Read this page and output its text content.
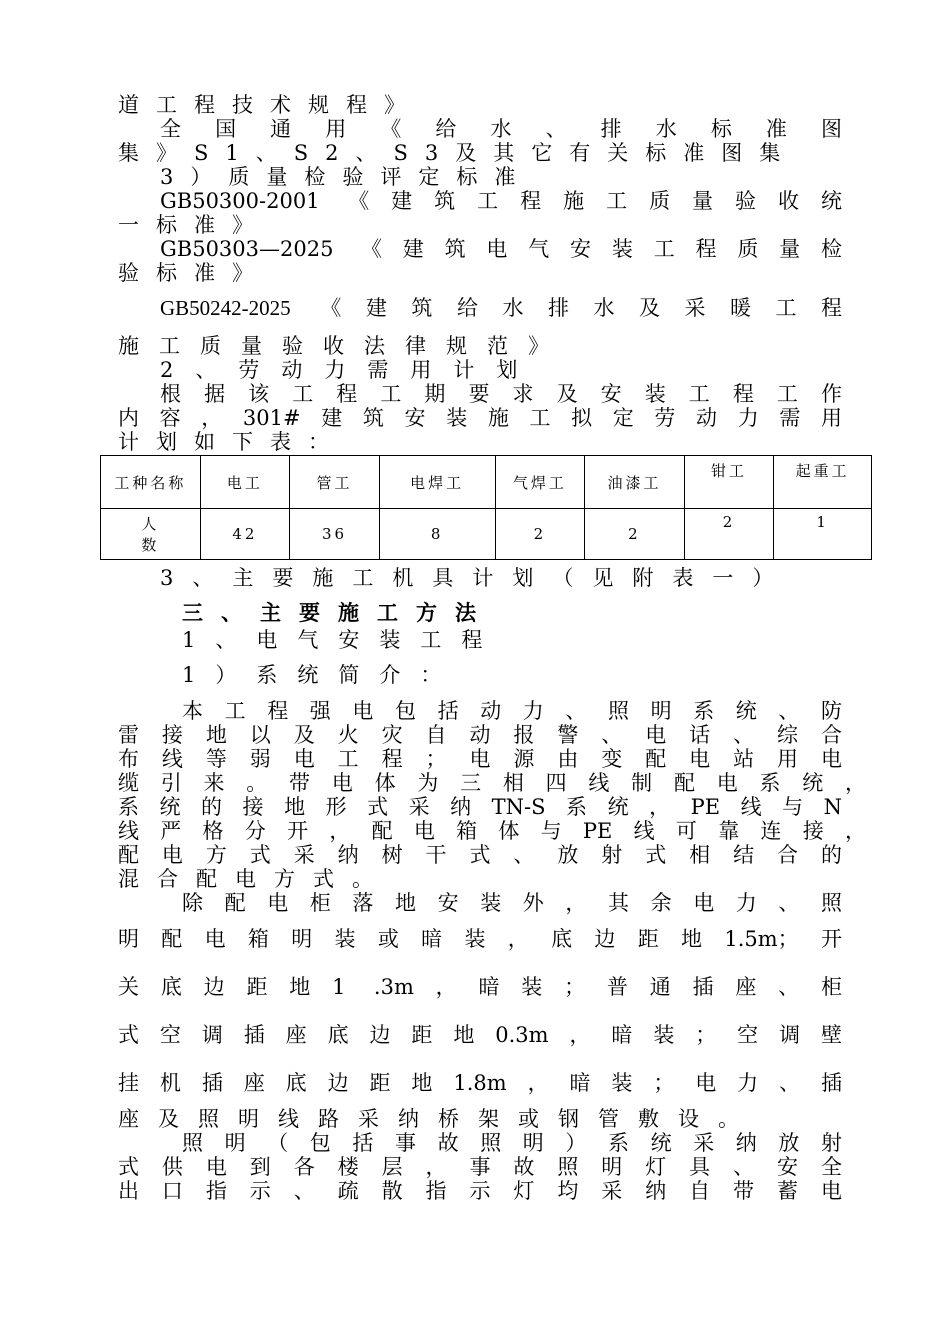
道工程技术规程》
全国通用《给水、排水标准图
集》S1、S2、S3及其它有关标准图集
3）质量检验评定标准
GB50300-2001 《建筑工程施工质量验收统
一标准》
GB50303—2025 《建筑电气安装工程质量检
验标准》
GB50242-2025 《建筑给水排水及采暖工程
施工质量验收法律规范》
2、劳动力需用计划
根据该工程工期要求及安装工程工作
内容，301#建筑安装施工拟定劳动力需用
计划如下表：
工种名称	电工	管工	电焊工	气焊工	油漆工	钳工	起重工
人数	42	36	8	2	2	2	1
3、主要施工机具计划（见附表一）
三、主要施工方法
1、电气安装工程
1）系统简介：
本工程强电包括动力、照明系统、防
雷接地以及火灾自动报警、电话、综合
布线等弱电工程；电源由变配电站用电
缆引来。带电体为三相四线制配电系统，
系统的接地形式采纳TN-S系统，PE线与N
线严格分开，配电箱体与PE线可靠连接，
配电方式采纳树干式、放射式相结合的
混合配电方式。
除配电柜落地安装外，其余电力、照
明配电箱明装或暗装，底边距地1.5m；开
关底边距地1 .3m，暗装；普通插座、柜
式空调插座底边距地0.3m，暗装；空调壁
挂机插座底边距地1.8m，暗装；电力、插
座及照明线路采纳桥架或钢管敷设。
照明（包括事故照明）系统采纳放射
式供电到各楼层，事故照明灯具、安全
出口指示、疏散指示灯均采纳自带蓄电
